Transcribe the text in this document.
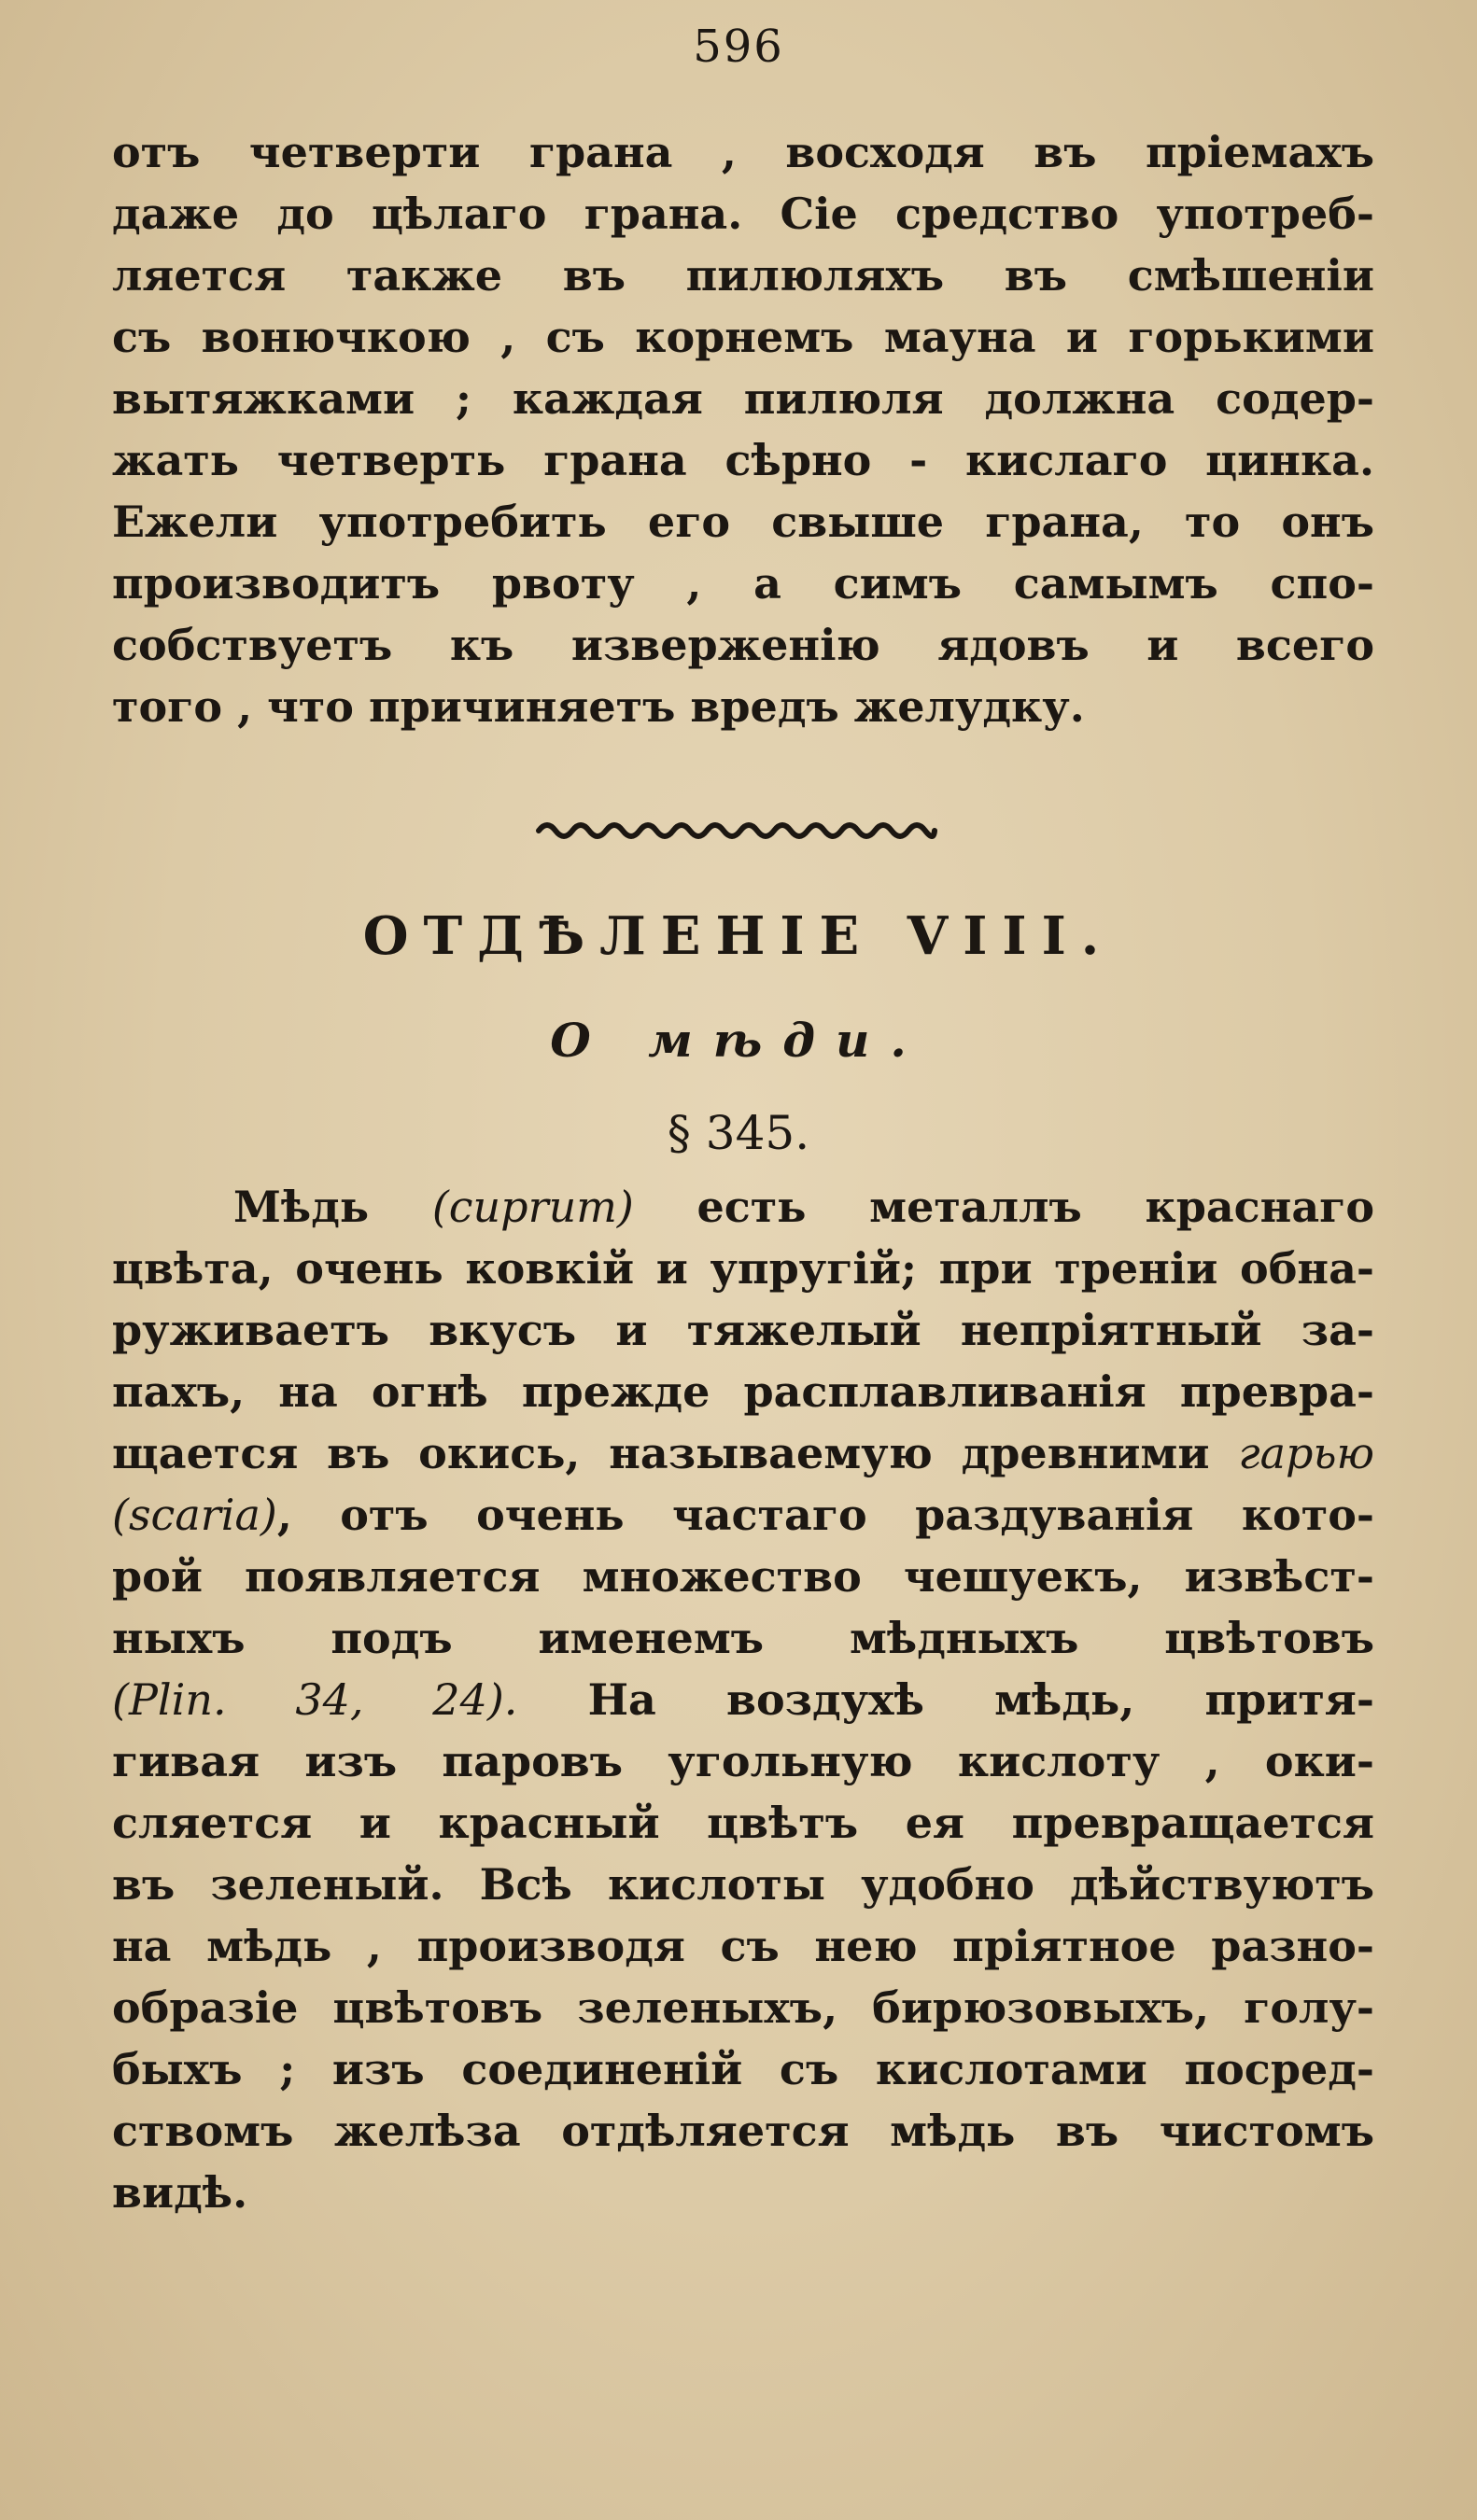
596
отъ четверти грана , восходя въ пріемахъ
даже до цѣлаго грана. Сіе средство употреб-
ляется также въ пилюляхъ въ смѣшеніи
съ вонючкою , съ корнемъ мауна и горькими
вытяжками ; каждая пилюля должна содер-
жать четверть грана сѣрно - кислаго цинка.
Ежели употребить его свыше грана, то онъ
производитъ рвоту , а симъ самымъ спо-
собствуетъ къ изверженію ядовъ и всего
того , что причиняетъ вредъ желудку.
ОТДѢЛЕНІЕ VIII.
О мѣди.
§ 345.
Мѣдь (cuprum) есть металлъ краснаго
цвѣта, очень ковкій и упругій; при треніи обна-
руживаетъ вкусъ и тяжелый непріятный за-
пахъ, на огнѣ прежде расплавливанія превра-
щается въ окись, называемую древними гарью
(scaria), отъ очень частаго раздуванія кото-
рой появляется множество чешуекъ, извѣст-
ныхъ подъ именемъ мѣдныхъ цвѣтовъ
(Plin. 34, 24). На воздухѣ мѣдь, притя-
гивая изъ паровъ угольную кислоту , оки-
сляется и красный цвѣтъ ея превращается
въ зеленый. Всѣ кислоты удобно дѣйствуютъ
на мѣдь , производя съ нею пріятное разно-
образіе цвѣтовъ зеленыхъ, бирюзовыхъ, голу-
быхъ ; изъ соединеній съ кислотами посред-
ствомъ желѣза отдѣляется мѣдь въ чистомъ
видѣ.
